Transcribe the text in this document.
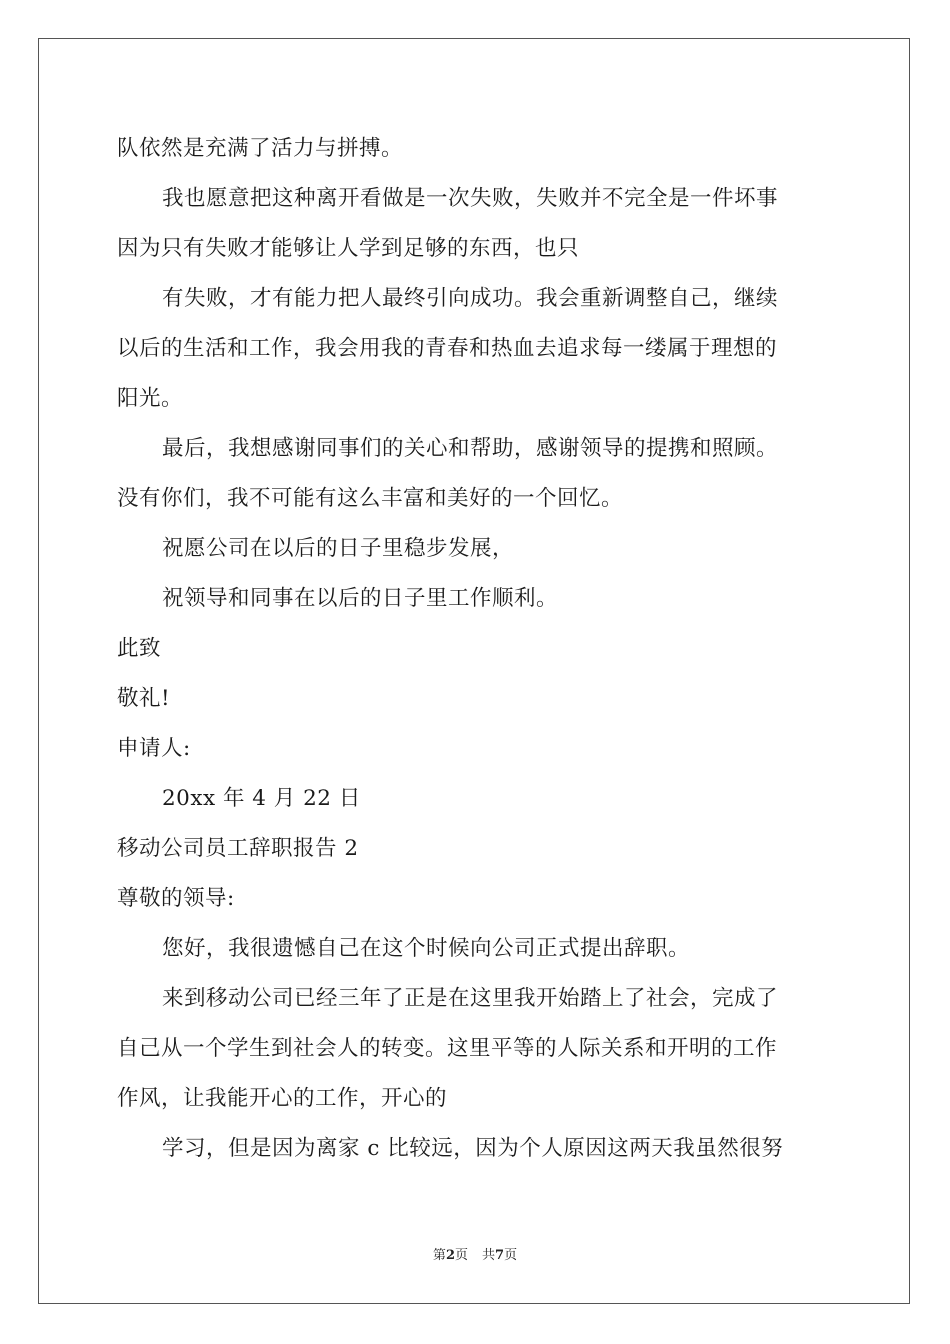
队依然是充满了活力与拼搏。
我也愿意把这种离开看做是一次失败，失败并不完全是一件坏事
因为只有失败才能够让人学到足够的东西，也只
有失败，才有能力把人最终引向成功。我会重新调整自己，继续
以后的生活和工作，我会用我的青春和热血去追求每一缕属于理想的
阳光。
最后，我想感谢同事们的关心和帮助，感谢领导的提携和照顾。
没有你们，我不可能有这么丰富和美好的一个回忆。
祝愿公司在以后的日子里稳步发展，
祝领导和同事在以后的日子里工作顺利。
此致
敬礼!
申请人:
20xx 年 4 月 22 日
移动公司员工辞职报告 2
尊敬的领导:
您好，我很遗憾自己在这个时候向公司正式提出辞职。
来到移动公司已经三年了正是在这里我开始踏上了社会，完成了
自己从一个学生到社会人的转变。这里平等的人际关系和开明的工作
作风，让我能开心的工作，开心的
学习，但是因为离家 c 比较远，因为个人原因这两天我虽然很努
第2页 共7页
